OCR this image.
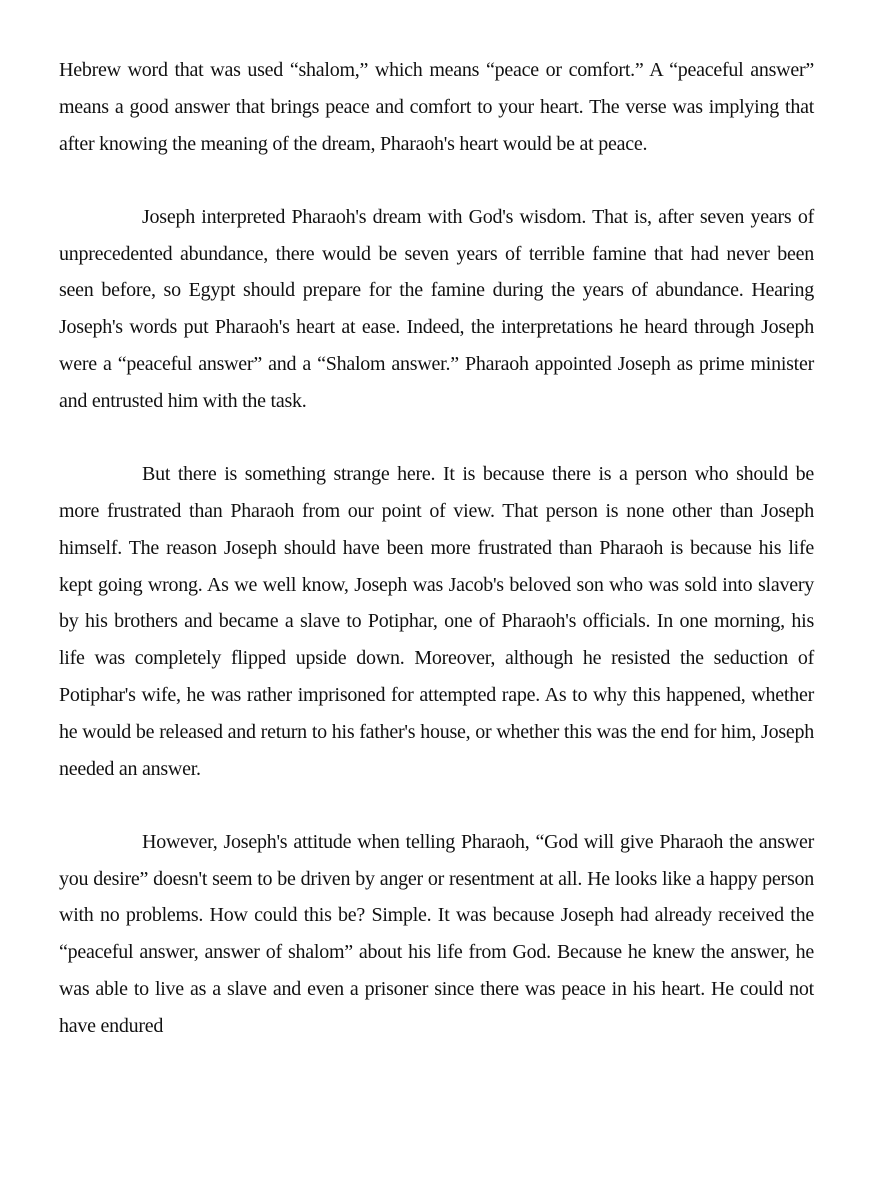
Hebrew word that was used “shalom,” which means “peace or comfort.” A “peaceful answer” means a good answer that brings peace and comfort to your heart. The verse was implying that after knowing the meaning of the dream, Pharaoh's heart would be at peace.

Joseph interpreted Pharaoh's dream with God's wisdom. That is, after seven years of unprecedented abundance, there would be seven years of terrible famine that had never been seen before, so Egypt should prepare for the famine during the years of abundance. Hearing Joseph's words put Pharaoh's heart at ease. Indeed, the interpretations he heard through Joseph were a “peaceful answer” and a “Shalom answer.” Pharaoh appointed Joseph as prime minister and entrusted him with the task.

But there is something strange here. It is because there is a person who should be more frustrated than Pharaoh from our point of view. That person is none other than Joseph himself. The reason Joseph should have been more frustrated than Pharaoh is because his life kept going wrong. As we well know, Joseph was Jacob's beloved son who was sold into slavery by his brothers and became a slave to Potiphar, one of Pharaoh's officials. In one morning, his life was completely flipped upside down. Moreover, although he resisted the seduction of Potiphar's wife, he was rather imprisoned for attempted rape. As to why this happened, whether he would be released and return to his father's house, or whether this was the end for him, Joseph needed an answer.

However, Joseph's attitude when telling Pharaoh, “God will give Pharaoh the answer you desire” doesn't seem to be driven by anger or resentment at all. He looks like a happy person with no problems. How could this be? Simple. It was because Joseph had already received the “peaceful answer, answer of shalom” about his life from God. Because he knew the answer, he was able to live as a slave and even a prisoner since there was peace in his heart. He could not have endured
